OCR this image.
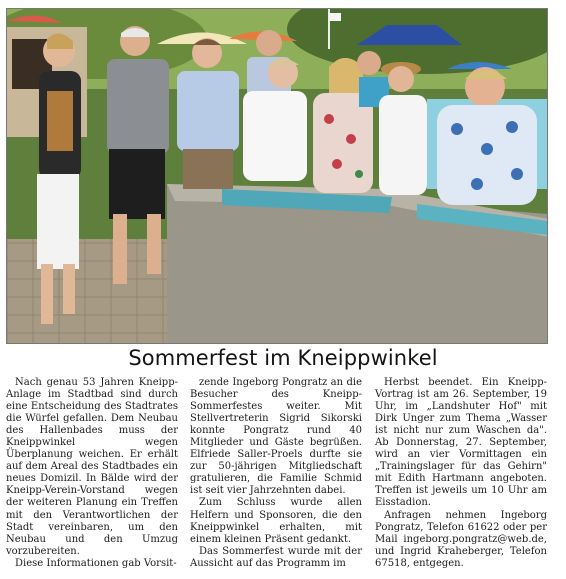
Sommerfest im Kneippwinkel

Nach genau 53 Jahren Kneipp-Anlage im Stadtbad sind durch eine Entscheidung des Stadtrates die Würfel gefallen. Dem Neubau des Hallenbades muss der Kneippwinkel wegen Überplanung weichen. Er erhält auf dem Areal des Stadtbades ein neues Domizil. In Bälde wird der Kneipp-Verein-Vorstand wegen der weiteren Planung ein Treffen mit den Verantwortlichen der Stadt vereinbaren, um den Neubau und den Umzug vorzubereiten.

Diese Informationen gab Vorsit-

zende Ingeborg Pongratz an die Besucher des Kneipp-Sommerfestes weiter. Mit Stellvertreterin Sigrid Sikorski konnte Pongratz rund 40 Mitglieder und Gäste begrüßen. Elfriede Saller-Proels durfte sie zur 50-jährigen Mitgliedschaft gratulieren, die Familie Schmid ist seit vier Jahrzehnten dabei.

Zum Schluss wurde allen Helfern und Sponsoren, die den Kneippwinkel erhalten, mit einem kleinen Präsent gedankt.

Das Sommerfest wurde mit der Aussicht auf das Programm im

Herbst beendet. Ein Kneipp-Vortrag ist am 26. September, 19 Uhr, im „Landshuter Hof" mit Dirk Unger zum Thema „Wasser ist nicht nur zum Waschen da". Ab Donnerstag, 27. September, wird an vier Vormittagen ein „Trainingslager für das Gehirn" mit Edith Hartmann angeboten. Treffen ist jeweils um 10 Uhr am Eisstadion.

Anfragen nehmen Ingeborg Pongratz, Telefon 61622 oder per Mail ingeborg.pongratz@web.de, und Ingrid Kraheberger, Telefon 67518, entgegen.
